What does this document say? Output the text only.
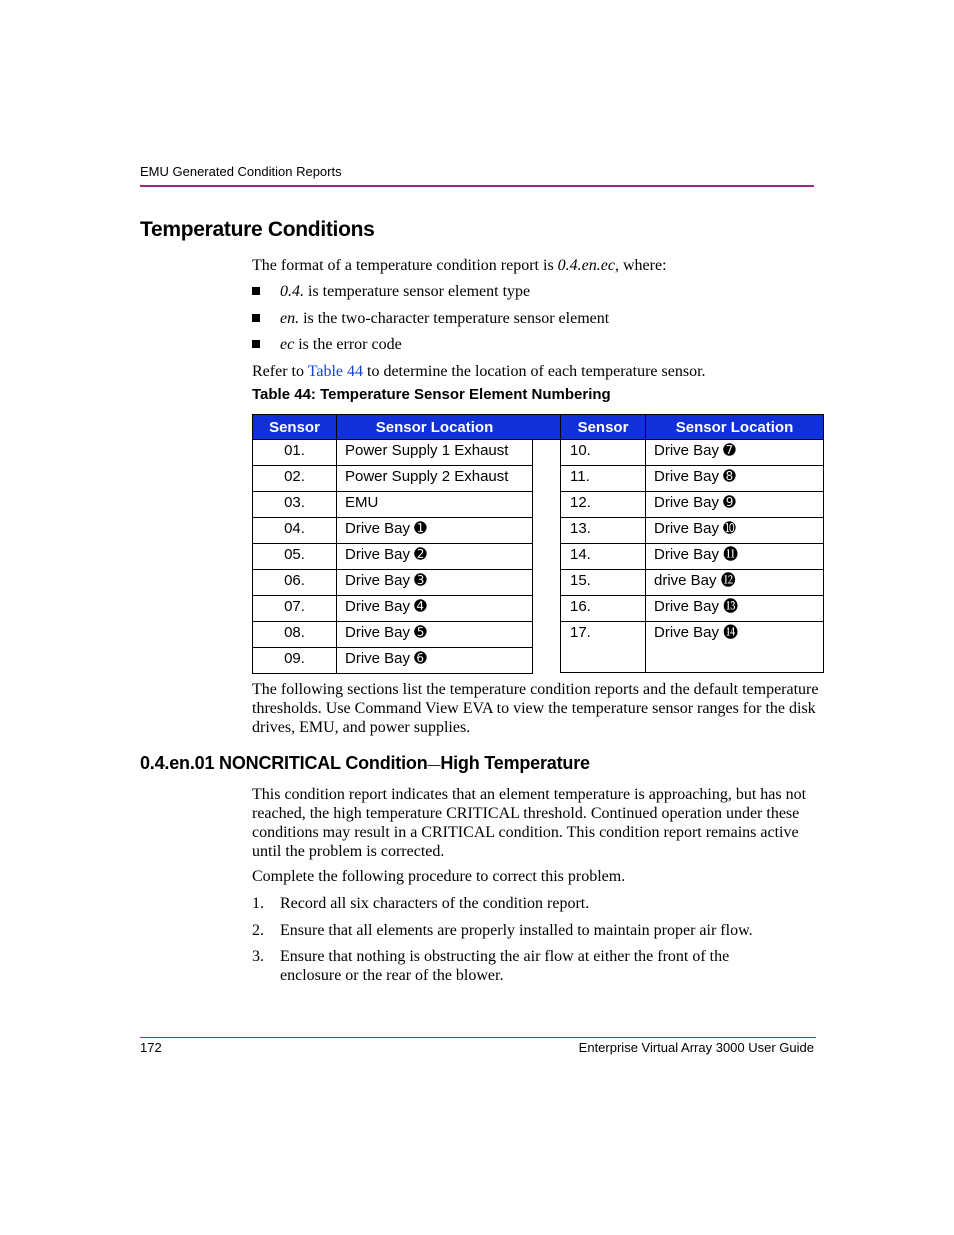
EMU Generated Condition Reports
Temperature Conditions
The format of a temperature condition report is 0.4.en.ec, where:
0.4. is temperature sensor element type
en. is the two-character temperature sensor element
ec is the error code
Refer to Table 44 to determine the location of each temperature sensor.
Table 44: Temperature Sensor Element Numbering
Sensor	Sensor Location
01.	Power Supply 1 Exhaust
02.	Power Supply 2 Exhaust
03.	EMU
04.	Drive Bay ➊
05.	Drive Bay ➋
06.	Drive Bay ➌
07.	Drive Bay ➍
08.	Drive Bay ➎
09.	Drive Bay ➏
Sensor	Sensor Location
10.	Drive Bay ➐
11.	Drive Bay ➑
12.	Drive Bay ➒
13.	Drive Bay ➓
14.	Drive Bay ⓫
15.	drive Bay ⓬
16.	Drive Bay ⓭
17.	Drive Bay ⓮
The following sections list the temperature condition reports and the default temperature thresholds. Use Command View EVA to view the temperature sensor ranges for the disk drives, EMU, and power supplies.
0.4.en.01 NONCRITICAL Condition—High Temperature
This condition report indicates that an element temperature is approaching, but has not reached, the high temperature CRITICAL threshold. Continued operation under these conditions may result in a CRITICAL condition. This condition report remains active until the problem is corrected.
Complete the following procedure to correct this problem.
1. Record all six characters of the condition report.
2. Ensure that all elements are properly installed to maintain proper air flow.
3. Ensure that nothing is obstructing the air flow at either the front of the enclosure or the rear of the blower.
172	Enterprise Virtual Array 3000 User Guide
